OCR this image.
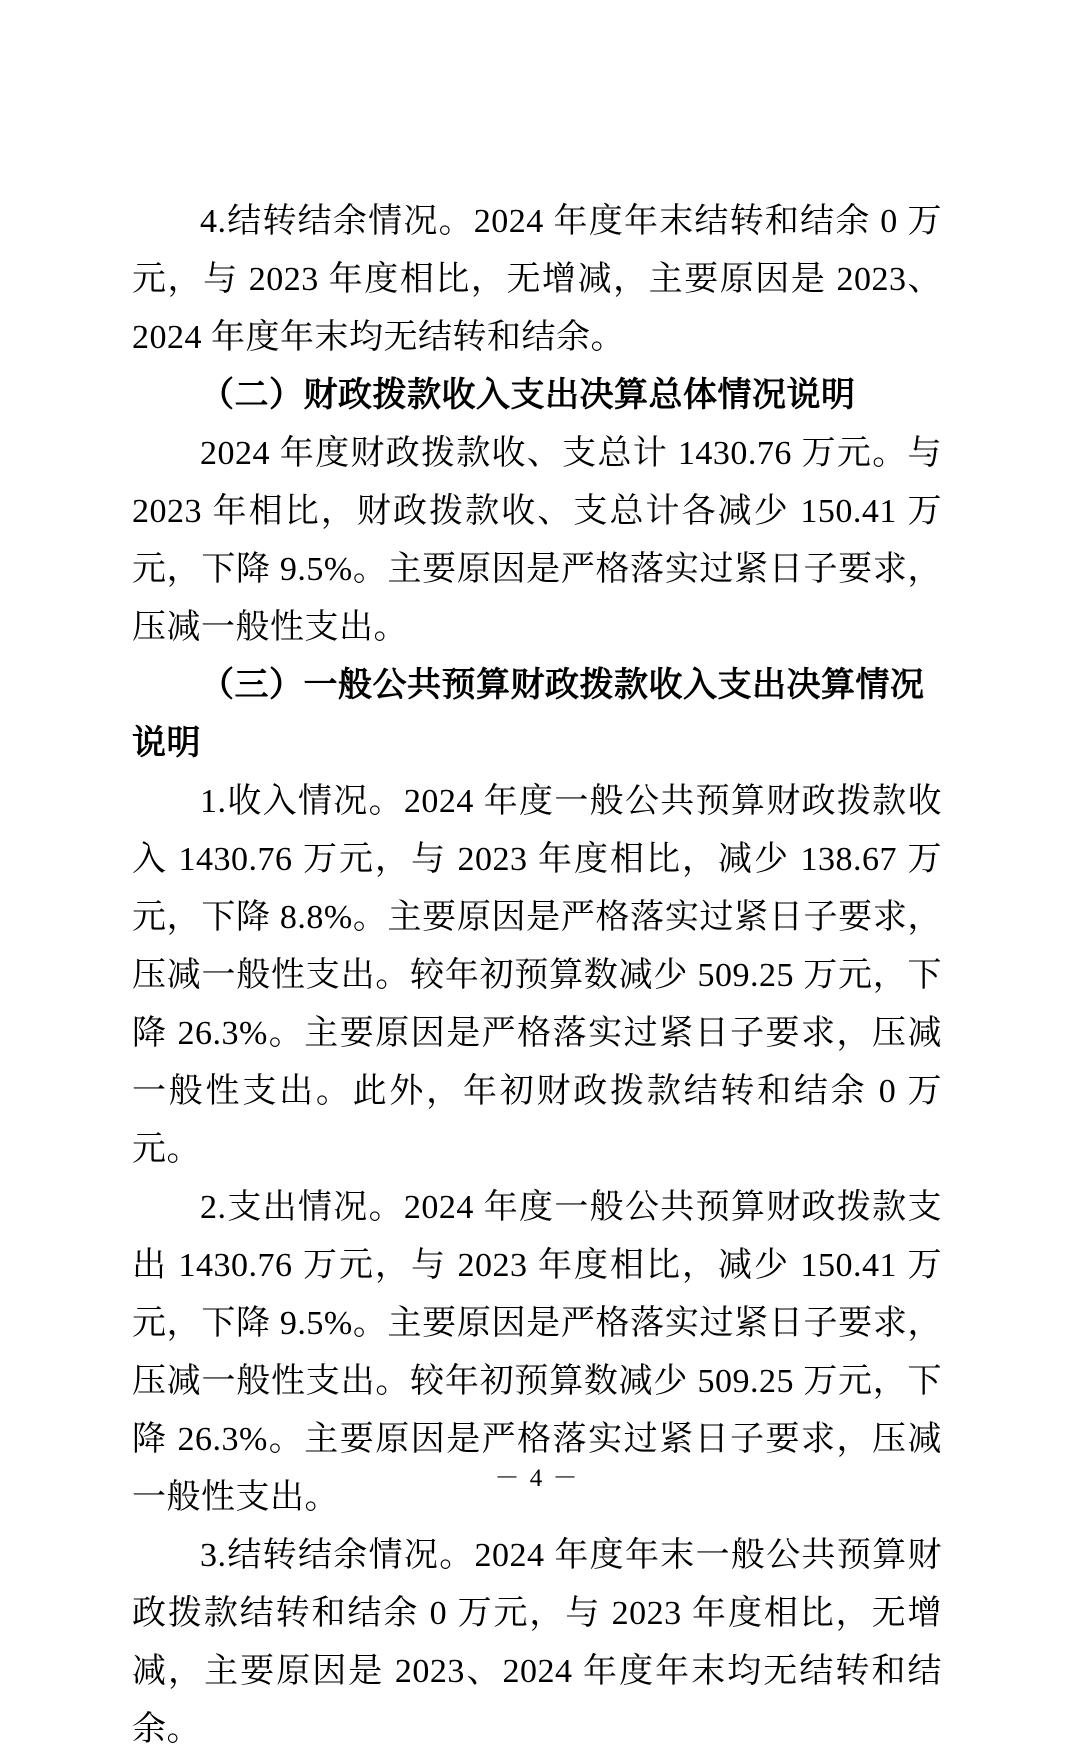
4.结转结余情况。2024 年度年末结转和结余 0 万元，与 2023 年度相比，无增减，主要原因是 2023、2024 年度年末均无结转和结余。

（二）财政拨款收入支出决算总体情况说明

2024 年度财政拨款收、支总计 1430.76 万元。与 2023 年相比，财政拨款收、支总计各减少 150.41 万元，下降 9.5%。主要原因是严格落实过紧日子要求，压减一般性支出。

（三）一般公共预算财政拨款收入支出决算情况说明

1.收入情况。2024 年度一般公共预算财政拨款收入 1430.76 万元，与 2023 年度相比，减少 138.67 万元，下降 8.8%。主要原因是严格落实过紧日子要求，压减一般性支出。较年初预算数减少 509.25 万元，下降 26.3%。主要原因是严格落实过紧日子要求，压减一般性支出。此外，年初财政拨款结转和结余 0 万元。

2.支出情况。2024 年度一般公共预算财政拨款支出 1430.76 万元，与 2023 年度相比，减少 150.41 万元，下降 9.5%。主要原因是严格落实过紧日子要求，压减一般性支出。较年初预算数减少 509.25 万元，下降 26.3%。主要原因是严格落实过紧日子要求，压减一般性支出。

3.结转结余情况。2024 年度年末一般公共预算财政拨款结转和结余 0 万元，与 2023 年度相比，无增减，主要原因是 2023、2024 年度年末均无结转和结余。

－ 4 －
